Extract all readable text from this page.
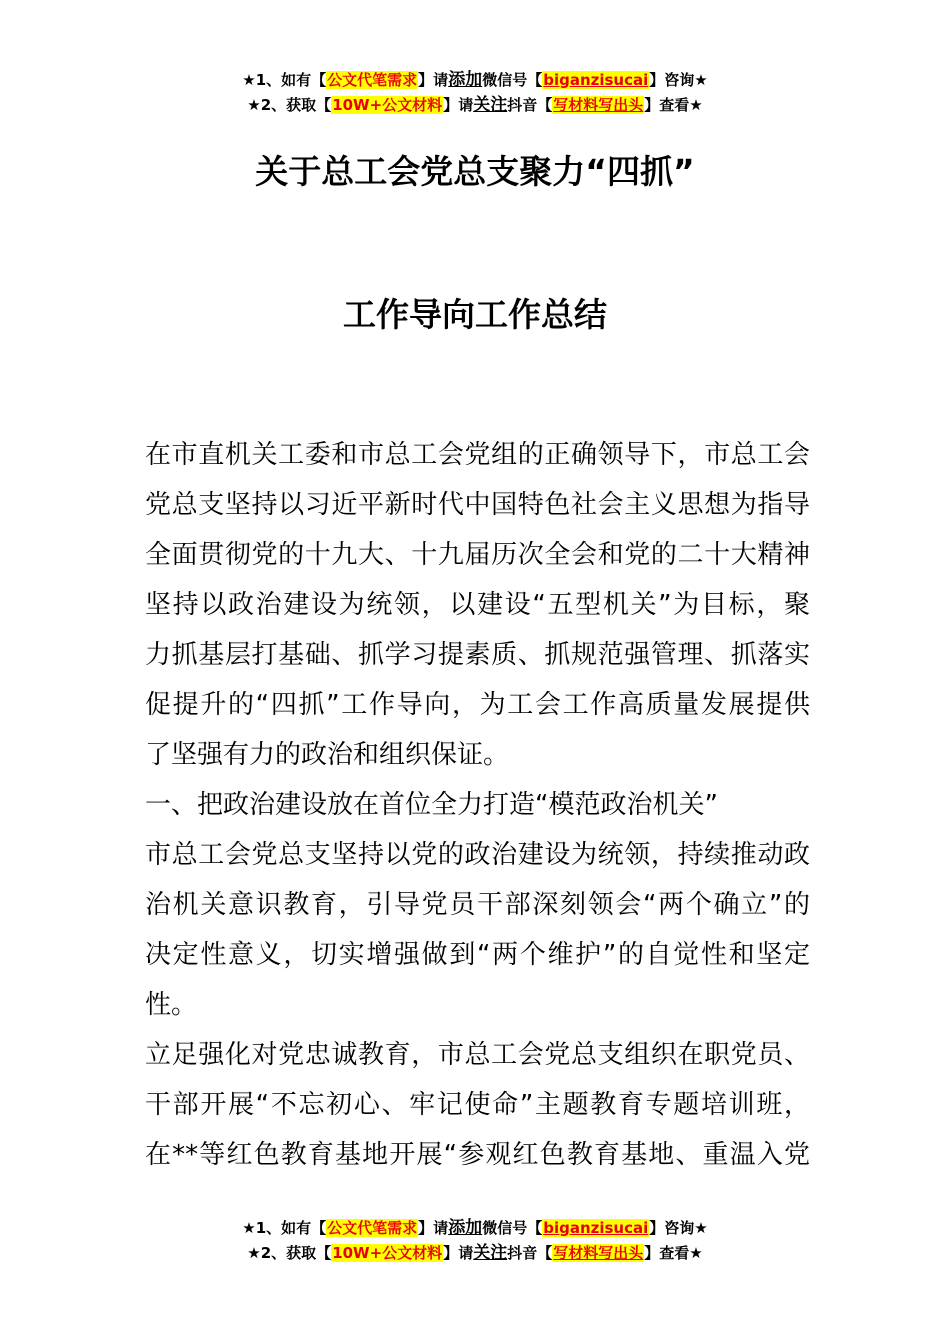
★1、如有【公文代笔需求】请添加微信号【biganzisucai】咨询★
★2、获取【10W+公文材料】请关注抖音【写材料写出头】查看★
关于总工会党总支聚力“四抓”
工作导向工作总结
在市直机关工委和市总工会党组的正确领导下，市总工会
党总支坚持以习近平新时代中国特色社会主义思想为指导
全面贯彻党的十九大、十九届历次全会和党的二十大精神
坚持以政治建设为统领，以建设“五型机关”为目标，聚
力抓基层打基础、抓学习提素质、抓规范强管理、抓落实
促提升的“四抓”工作导向，为工会工作高质量发展提供
了坚强有力的政治和组织保证。
一、把政治建设放在首位全力打造“模范政治机关”
市总工会党总支坚持以党的政治建设为统领，持续推动政
治机关意识教育，引导党员干部深刻领会“两个确立”的
决定性意义，切实增强做到“两个维护”的自觉性和坚定
性。
立足强化对党忠诚教育，市总工会党总支组织在职党员、
干部开展“不忘初心、牢记使命”主题教育专题培训班，
在**等红色教育基地开展“参观红色教育基地、重温入党
★1、如有【公文代笔需求】请添加微信号【biganzisucai】咨询★
★2、获取【10W+公文材料】请关注抖音【写材料写出头】查看★
